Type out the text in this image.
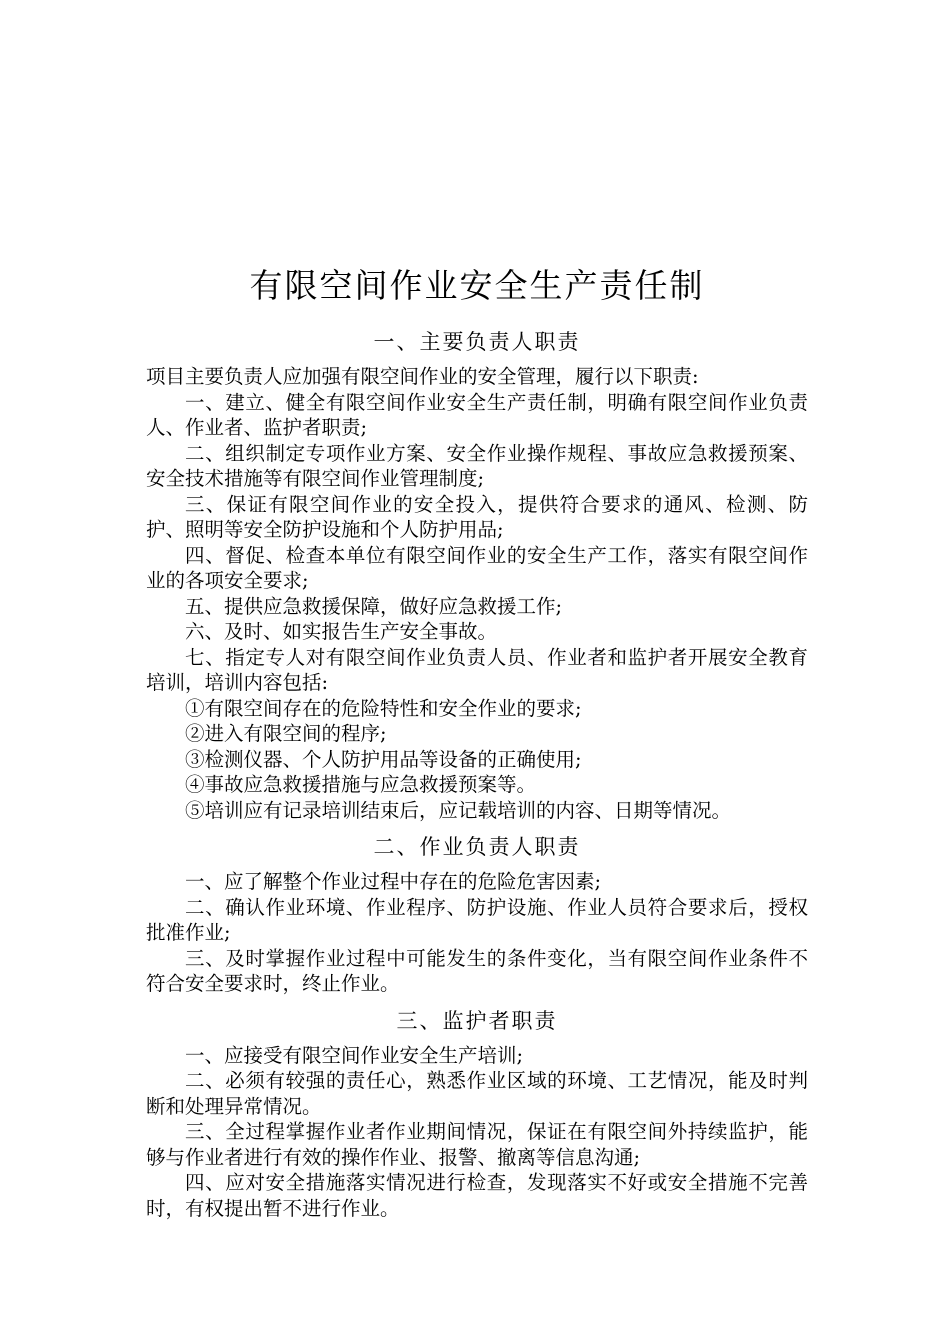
有限空间作业安全生产责任制
一、主要负责人职责

项目主要负责人应加强有限空间作业的安全管理，履行以下职责:

一、建立、健全有限空间作业安全生产责任制，明确有限空间作业负责人、作业者、监护者职责;

二、组织制定专项作业方案、安全作业操作规程、事故应急救援预案、安全技术措施等有限空间作业管理制度;

三、保证有限空间作业的安全投入，提供符合要求的通风、检测、防护、照明等安全防护设施和个人防护用品;

四、督促、检查本单位有限空间作业的安全生产工作，落实有限空间作业的各项安全要求;

五、提供应急救援保障，做好应急救援工作;

六、及时、如实报告生产安全事故。

七、指定专人对有限空间作业负责人员、作业者和监护者开展安全教育培训，培训内容包括:

①有限空间存在的危险特性和安全作业的要求;

②进入有限空间的程序;

③检测仪器、个人防护用品等设备的正确使用;

④事故应急救援措施与应急救援预案等。

⑤培训应有记录培训结束后，应记载培训的内容、日期等情况。

二、作业负责人职责

一、应了解整个作业过程中存在的危险危害因素;

二、确认作业环境、作业程序、防护设施、作业人员符合要求后，授权批准作业;

三、及时掌握作业过程中可能发生的条件变化，当有限空间作业条件不符合安全要求时，终止作业。

三、监护者职责

一、应接受有限空间作业安全生产培训;

二、必须有较强的责任心，熟悉作业区域的环境、工艺情况，能及时判断和处理异常情况。

三、全过程掌握作业者作业期间情况，保证在有限空间外持续监护，能够与作业者进行有效的操作作业、报警、撤离等信息沟通;

四、应对安全措施落实情况进行检查，发现落实不好或安全措施不完善时，有权提出暂不进行作业。
